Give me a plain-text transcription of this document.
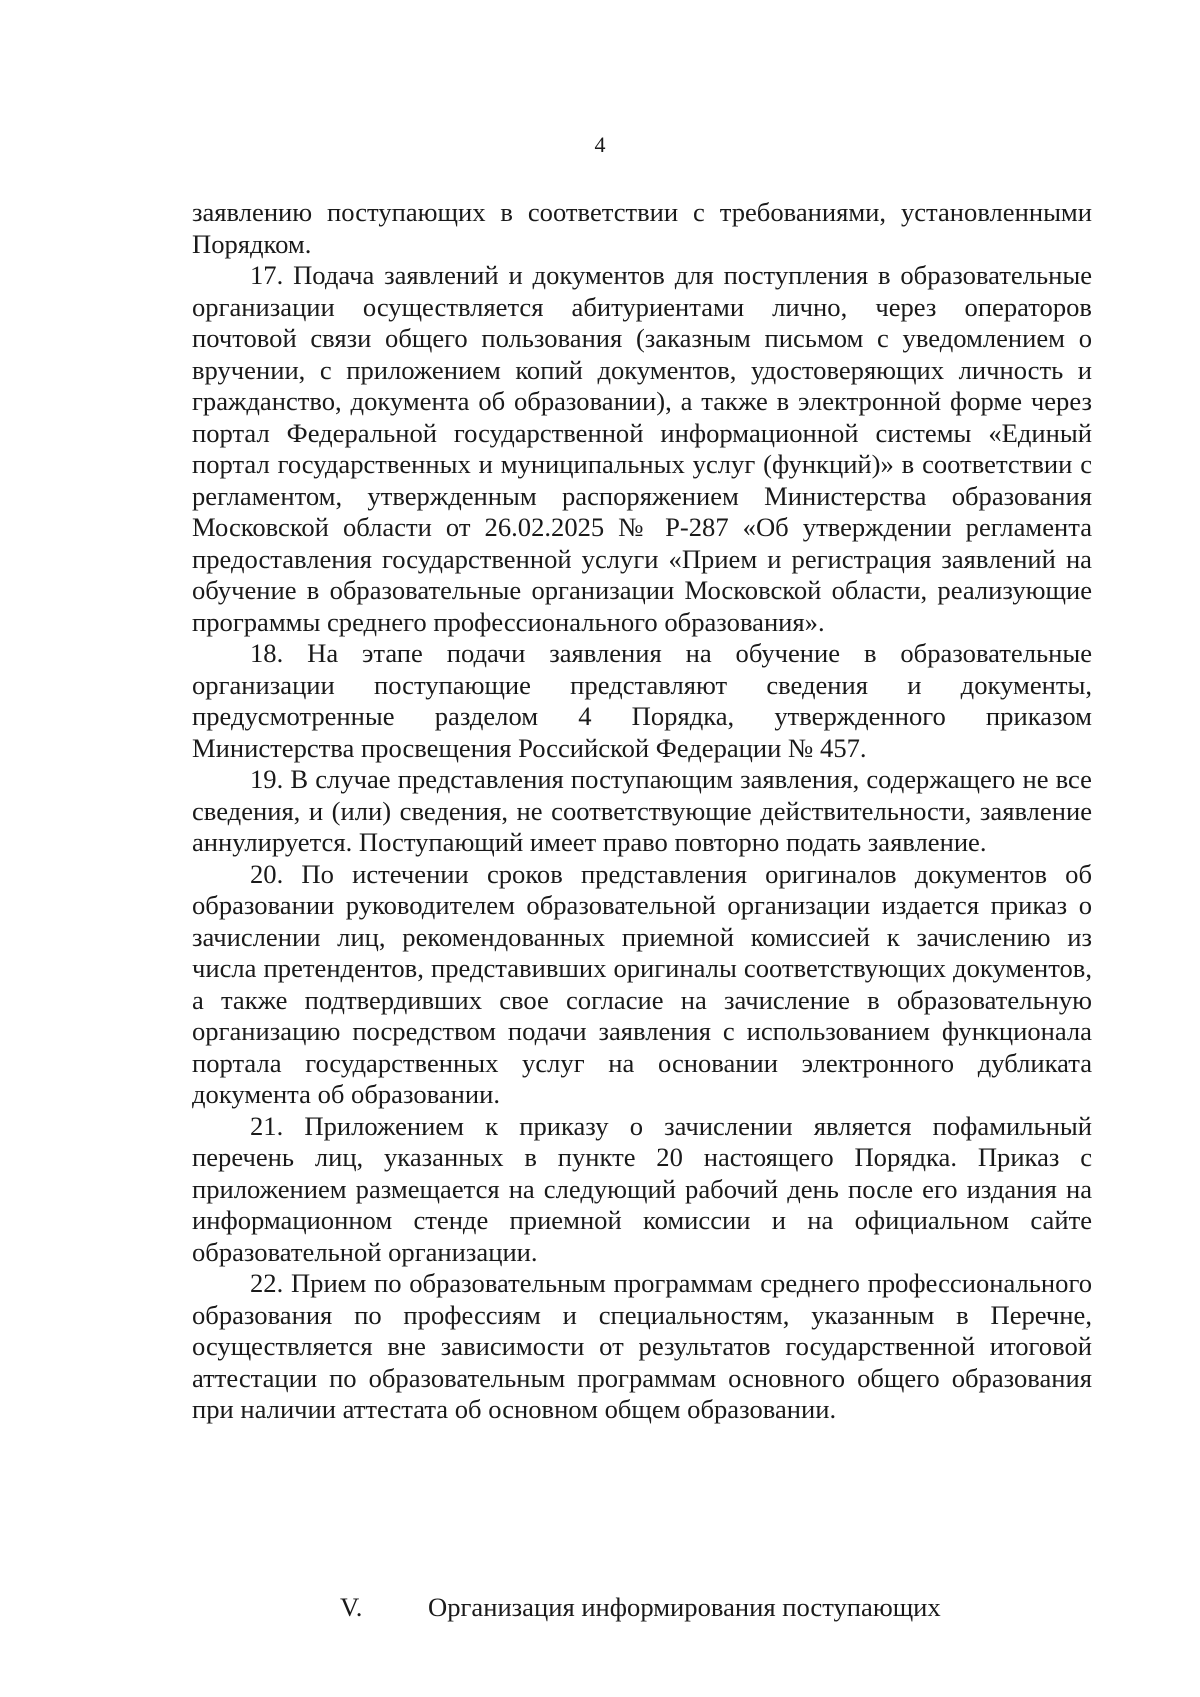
4

заявлению поступающих в соответствии с требованиями, установленными Порядком.

17. Подача заявлений и документов для поступления в образовательные организации осуществляется абитуриентами лично, через операторов почтовой связи общего пользования (заказным письмом с уведомлением о вручении, с приложением копий документов, удостоверяющих личность и гражданство, документа об образовании), а также в электронной форме через портал Федеральной государственной информационной системы «Единый портал государственных и муниципальных услуг (функций)» в соответствии с регламентом, утвержденным распоряжением Министерства образования Московской области от 26.02.2025 № Р-287 «Об утверждении регламента предоставления государственной услуги «Прием и регистрация заявлений на обучение в образовательные организации Московской области, реализующие программы среднего профессионального образования».

18. На этапе подачи заявления на обучение в образовательные организации поступающие представляют сведения и документы, предусмотренные разделом 4 Порядка, утвержденного приказом Министерства просвещения Российской Федерации № 457.

19. В случае представления поступающим заявления, содержащего не все сведения, и (или) сведения, не соответствующие действительности, заявление аннулируется. Поступающий имеет право повторно подать заявление.

20. По истечении сроков представления оригиналов документов об образовании руководителем образовательной организации издается приказ о зачислении лиц, рекомендованных приемной комиссией к зачислению из числа претендентов, представивших оригиналы соответствующих документов, а также подтвердивших свое согласие на зачисление в образовательную организацию посредством подачи заявления с использованием функционала портала государственных услуг на основании электронного дубликата документа об образовании.

21. Приложением к приказу о зачислении является пофамильный перечень лиц, указанных в пункте 20 настоящего Порядка. Приказ с приложением размещается на следующий рабочий день после его издания на информационном стенде приемной комиссии и на официальном сайте образовательной организации.

22. Прием по образовательным программам среднего профессионального образования по профессиям и специальностям, указанным в Перечне, осуществляется вне зависимости от результатов государственной итоговой аттестации по образовательным программам основного общего образования при наличии аттестата об основном общем образовании.

V. Организация информирования поступающих
